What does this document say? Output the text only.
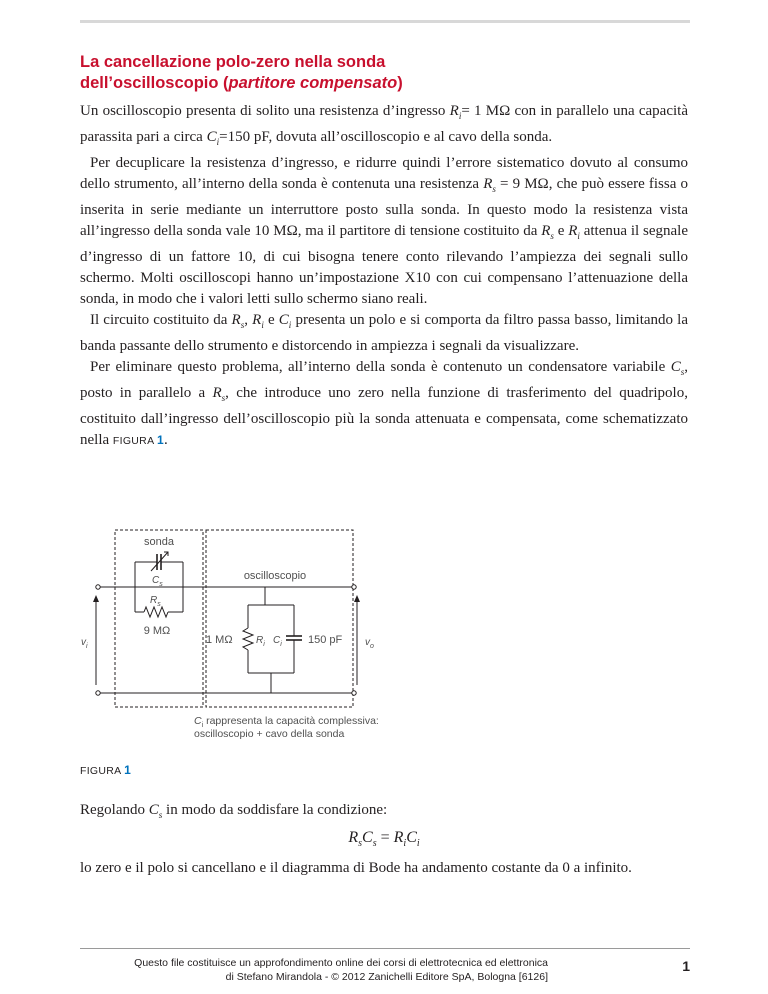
La cancellazione polo-zero nella sonda
dell’oscilloscopio (partitore compensato)

Un oscilloscopio presenta di solito una resistenza d’ingresso $R_i= 1$ MΩ con in parallelo una capacità parassita pari a circa $C_i=150$ pF, dovuta all’oscilloscopio e al cavo della sonda.

Per decuplicare la resistenza d’ingresso, e ridurre quindi l’errore sistematico dovuto al consumo dello strumento, all’interno della sonda è contenuta una resistenza $R_s = 9$ MΩ, che può essere fissa o inserita in serie mediante un interruttore posto sulla sonda. In questo modo la resistenza vista all’ingresso della sonda vale 10 MΩ, ma il partitore di tensione costituito da $R_s$ e $R_i$ attenua il segnale d’ingresso di un fattore 10, di cui bisogna tenere conto rilevando l’ampiezza dei segnali sullo schermo. Molti oscilloscopi hanno un’impostazione X10 con cui compensano l’attenuazione della sonda, in modo che i valori letti sullo schermo siano reali.

Il circuito costituito da $R_s$, $R_i$ e $C_i$ presenta un polo e si comporta da filtro passa basso, limitando la banda passante dello strumento e distorcendo in ampiezza i segnali da visualizzare.

Per eliminare questo problema, all’interno della sonda è contenuto un condensatore variabile $C_s$, posto in parallelo a $R_s$, che introduce uno zero nella funzione di trasferimento del quadripolo, costituito dall’ingresso dell’oscilloscopio più la sonda attenuata e compensata, come schematizzato nella FIGURA 1.

sonda
oscilloscopio
$C_s$
$R_s$
9 MΩ
$v_i$
1 MΩ $R_i$ $C_i$ 150 pF $v_o$
$C_i$ rappresenta la capacità complessiva:
oscilloscopio + cavo della sonda
FIGURA 1
Regolando $C_s$ in modo da soddisfare la condizione:
$R_sC_s = R_iC_i$
lo zero e il polo si cancellano e il diagramma di Bode ha andamento costante da 0 a infinito.
Questo file costituisce un approfondimento online dei corsi di elettrotecnica ed elettronica
di Stefano Mirandola - © 2012 Zanichelli Editore SpA, Bologna [6126]
1
